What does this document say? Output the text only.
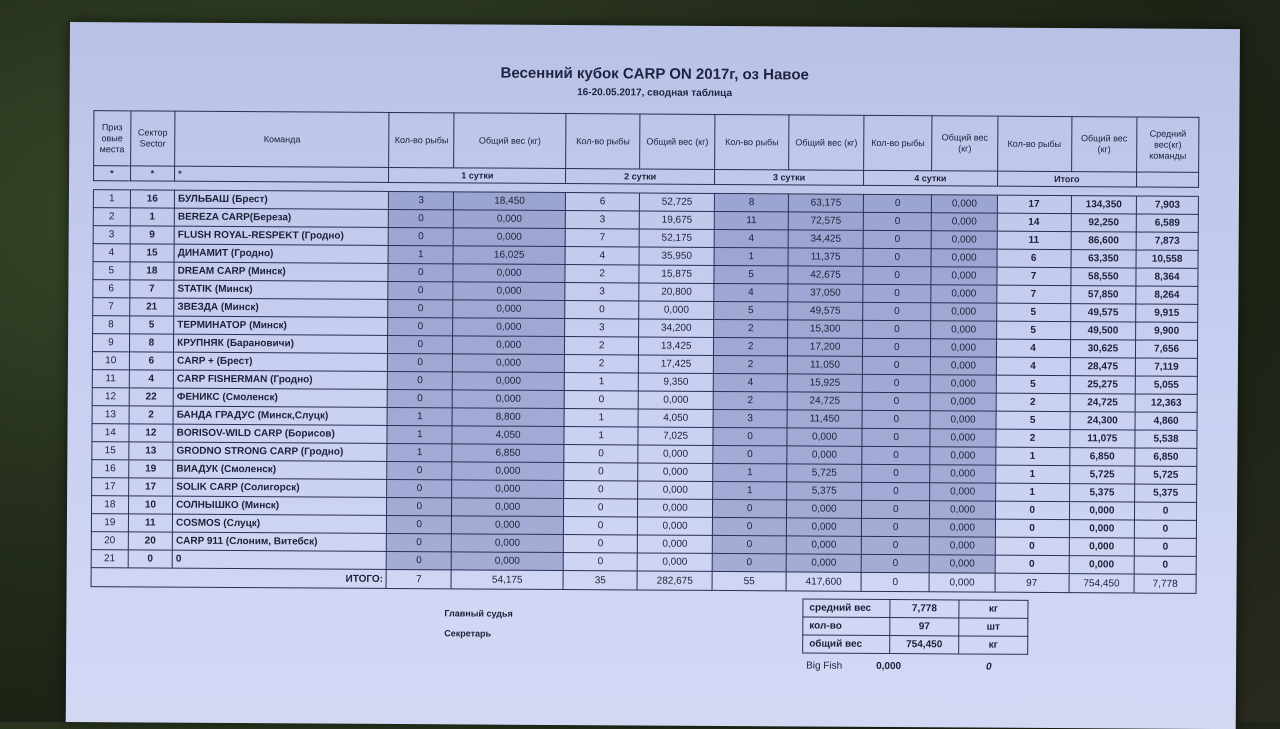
Весенний кубок CARP ON 2017г, оз Навое
16-20.05.2017, сводная таблица
Приз овые места	Сектор Sector	Команда	Кол-во рыбы	Общий вес (кг)	Кол-во рыбы	Общий вес (кг)	Кол-во рыбы	Общий вес (кг)	Кол-во рыбы	Общий вес (кг)	Кол-во рыбы	Общий вес (кг)	Средний вес(кг) команды
*	*	*	1 сутки		2 сутки		3 сутки		4 сутки		Итого		

1	16	БУЛЬБАШ (Брест)	3	18,450	6	52,725	8	63,175	0	0,000	17	134,350	7,903
2	1	BEREZA CARP(Береза)	0	0,000	3	19,675	11	72,575	0	0,000	14	92,250	6,589
3	9	FLUSH ROYAL-RESPEKT (Гродно)	0	0,000	7	52,175	4	34,425	0	0,000	11	86,600	7,873
4	15	ДИНАМИТ (Гродно)	1	16,025	4	35,950	1	11,375	0	0,000	6	63,350	10,558
5	18	DREAM CARP (Минск)	0	0,000	2	15,875	5	42,675	0	0,000	7	58,550	8,364
6	7	STATIK (Минск)	0	0,000	3	20,800	4	37,050	0	0,000	7	57,850	8,264
7	21	ЗВЕЗДА (Минск)	0	0,000	0	0,000	5	49,575	0	0,000	5	49,575	9,915
8	5	ТЕРМИНАТОР (Минск)	0	0,000	3	34,200	2	15,300	0	0,000	5	49,500	9,900
9	8	КРУПНЯК (Барановичи)	0	0,000	2	13,425	2	17,200	0	0,000	4	30,625	7,656
10	6	CARP + (Брест)	0	0,000	2	17,425	2	11,050	0	0,000	4	28,475	7,119
11	4	CARP FISHERMAN (Гродно)	0	0,000	1	9,350	4	15,925	0	0,000	5	25,275	5,055
12	22	ФЕНИКС (Смоленск)	0	0,000	0	0,000	2	24,725	0	0,000	2	24,725	12,363
13	2	БАНДА ГРАДУС (Минск,Слуцк)	1	8,800	1	4,050	3	11,450	0	0,000	5	24,300	4,860
14	12	BORISOV-WILD CARP (Борисов)	1	4,050	1	7,025	0	0,000	0	0,000	2	11,075	5,538
15	13	GRODNO STRONG CARP (Гродно)	1	6,850	0	0,000	0	0,000	0	0,000	1	6,850	6,850
16	19	ВИАДУК (Смоленск)	0	0,000	0	0,000	1	5,725	0	0,000	1	5,725	5,725
17	17	SOLIK CARP (Солигорск)	0	0,000	0	0,000	1	5,375	0	0,000	1	5,375	5,375
18	10	СОЛНЫШКО (Минск)	0	0,000	0	0,000	0	0,000	0	0,000	0	0,000	0
19	11	COSMOS (Слуцк)	0	0,000	0	0,000	0	0,000	0	0,000	0	0,000	0
20	20	CARP 911 (Слоним, Витебск)	0	0,000	0	0,000	0	0,000	0	0,000	0	0,000	0
21	0	0	0	0,000	0	0,000	0	0,000	0	0,000	0	0,000	0
ИТОГО:			7	54,175	35	282,675	55	417,600	0	0,000	97	754,450	7,778
Главный судья
Секретарь
средний вес	7,778	кг
кол-во	97	шт
общий вес	754,450	кг
Big Fish	0,000	0
